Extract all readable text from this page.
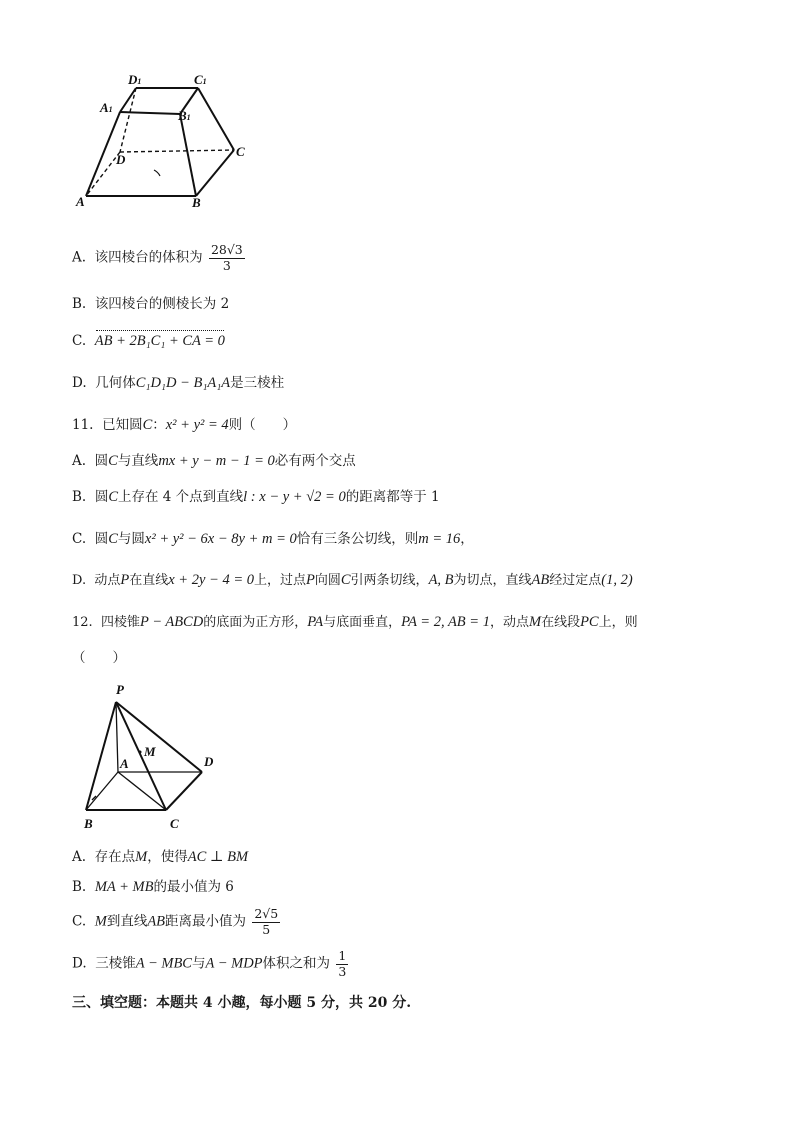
D1	C1
A1	B1
D
C
A	B
A. 该四棱台的体积为 $\frac{28√3}{3}$
B. 该四棱台的侧棱长为 2
C. AB + 2B₁C₁ + CA = 0
D. 几何体C₁D₁D − B₁A₁A是三棱柱
11. 已知圆C：x² + y² = 4则（　　）
A. 圆C与直线mx + y − m − 1 = 0必有两个交点
B. 圆C上存在 4 个点到直线l : x − y + √2 = 0的距离都等于 1
C. 圆C与圆x² + y² − 6x − 8y + m = 0恰有三条公切线，则m = 16，
D. 动点P在直线x + 2y − 4 = 0上，过点P向圆C引两条切线，A, B为切点，直线AB经过定点(1, 2)
12. 四棱锥P − ABCD的底面为正方形，PA与底面垂直，PA = 2, AB = 1，动点M在线段PC上，则
（　　）
P
M
A	D
B	C
A. 存在点M，使得AC ⊥ BM
B. MA + MB的最小值为 6
C. M到直线AB距离最小值为 $\frac{2√5}{5}$
D. 三棱锥A − MBC与A − MDP体积之和为 $\frac{1}{3}$
三、填空题：本题共 4 小趣，每小题 5 分，共 20 分.
